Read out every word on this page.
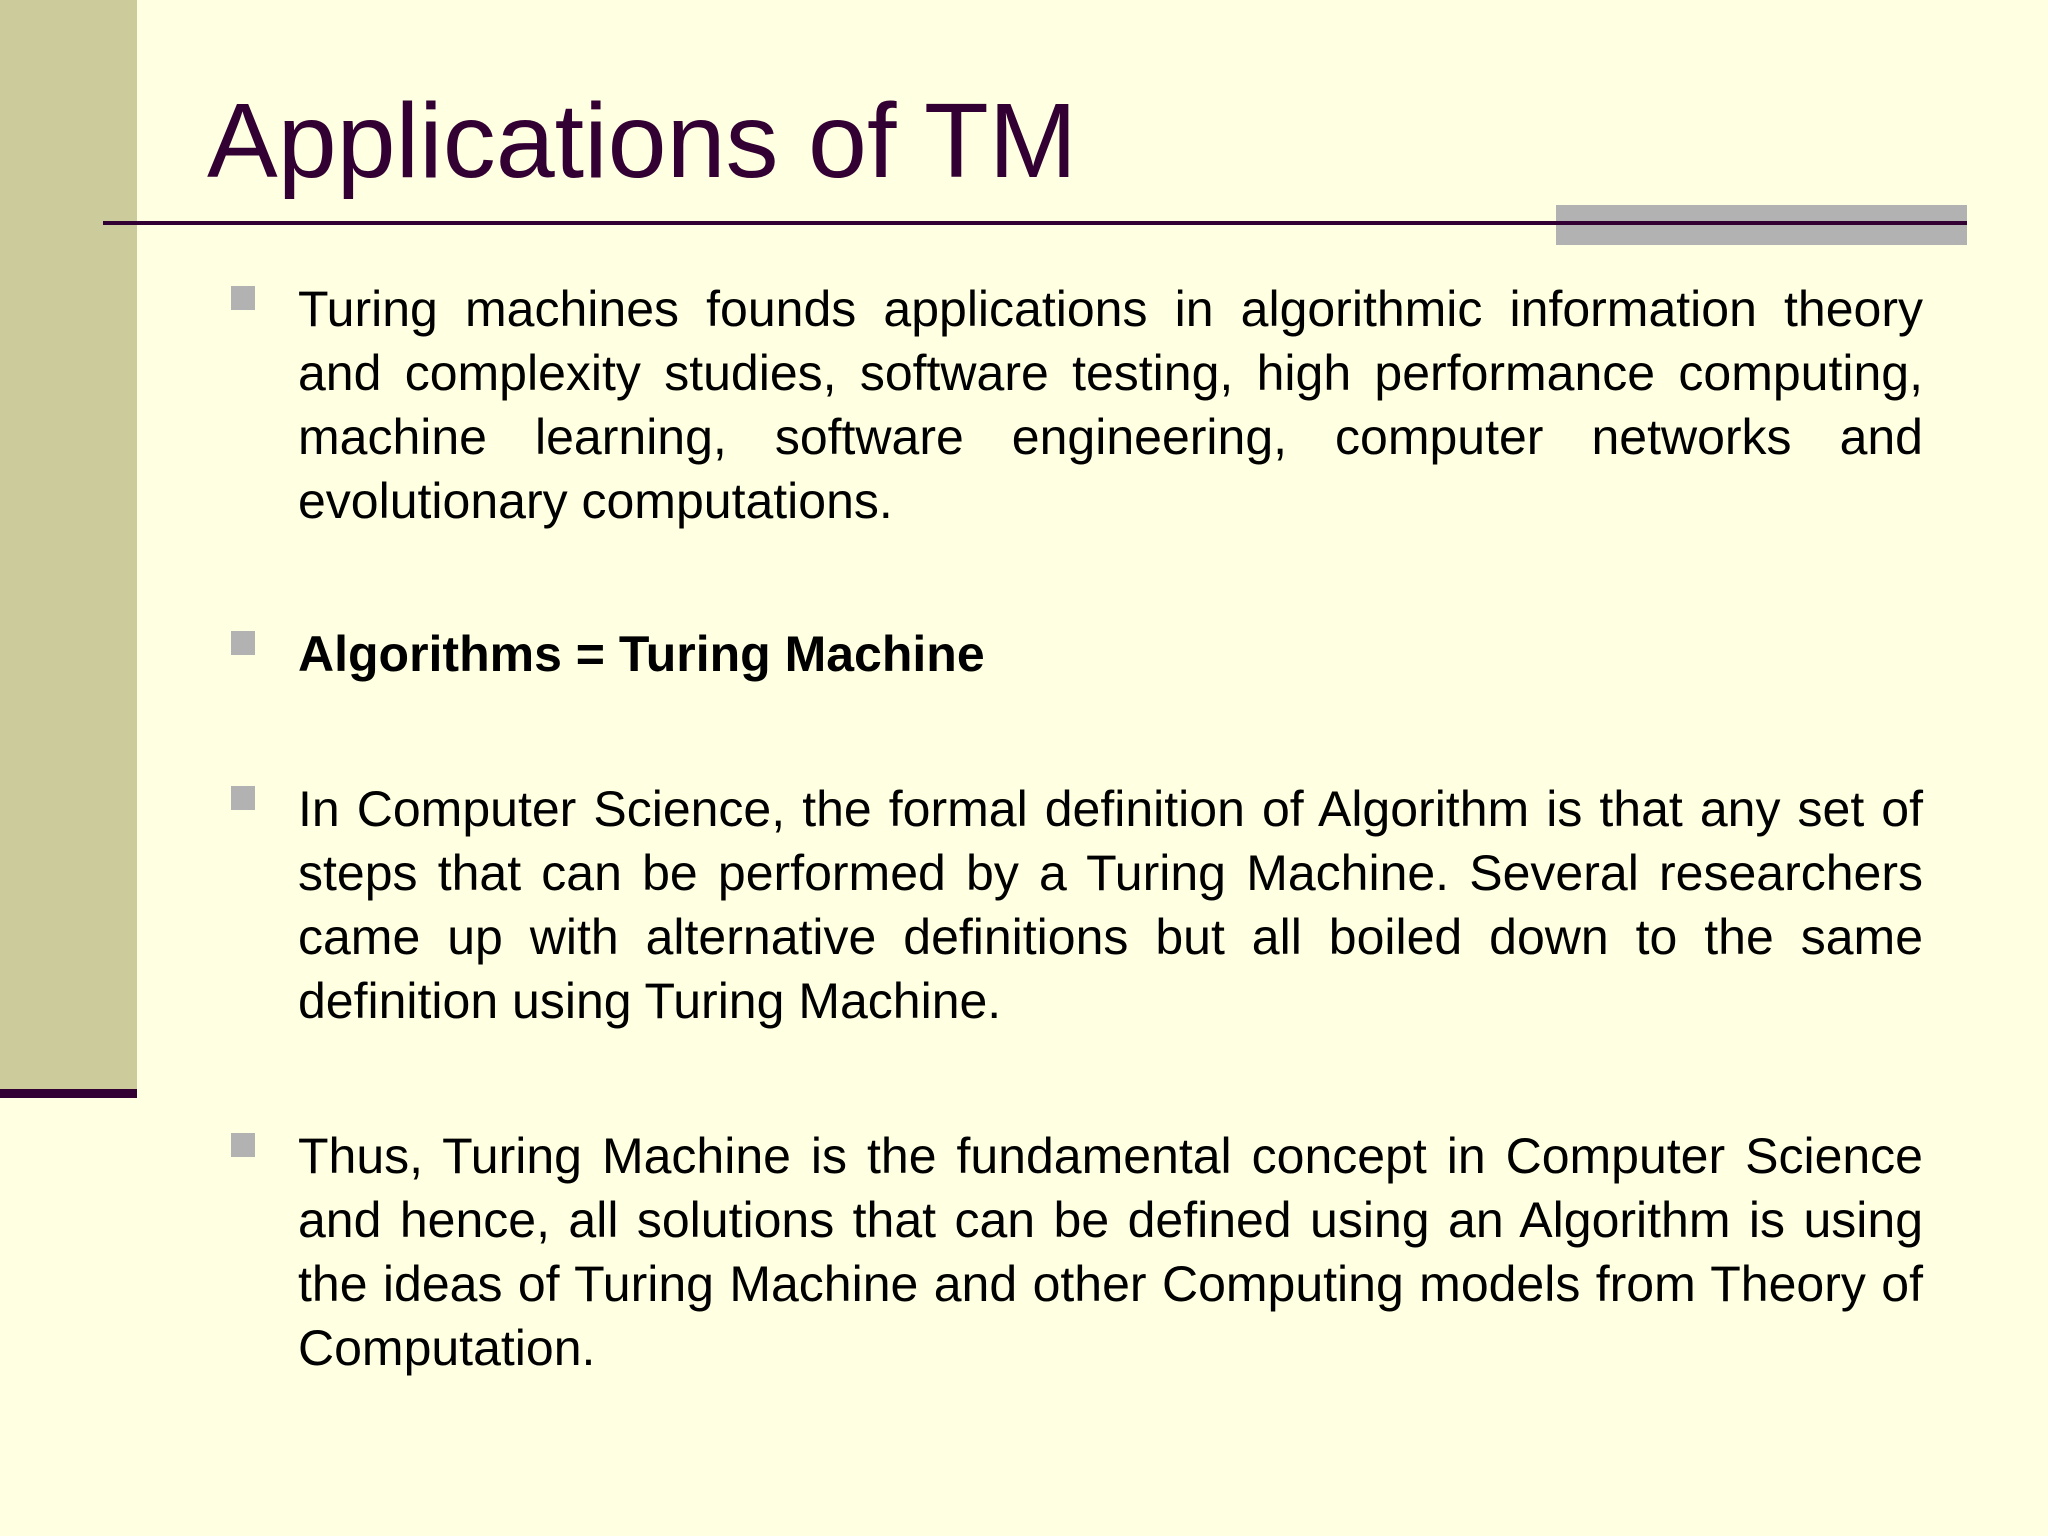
Applications of TM

Turing machines founds applications in algorithmic information theory and complexity studies, software testing, high performance computing, machine learning, software engineering, computer networks and evolutionary computations.

Algorithms = Turing Machine

In Computer Science, the formal definition of Algorithm is that any set of steps that can be performed by a Turing Machine. Several researchers came up with alternative definitions but all boiled down to the same definition using Turing Machine.

Thus, Turing Machine is the fundamental concept in Computer Science and hence, all solutions that can be defined using an Algorithm is using the ideas of Turing Machine and other Computing models from Theory of Computation.
